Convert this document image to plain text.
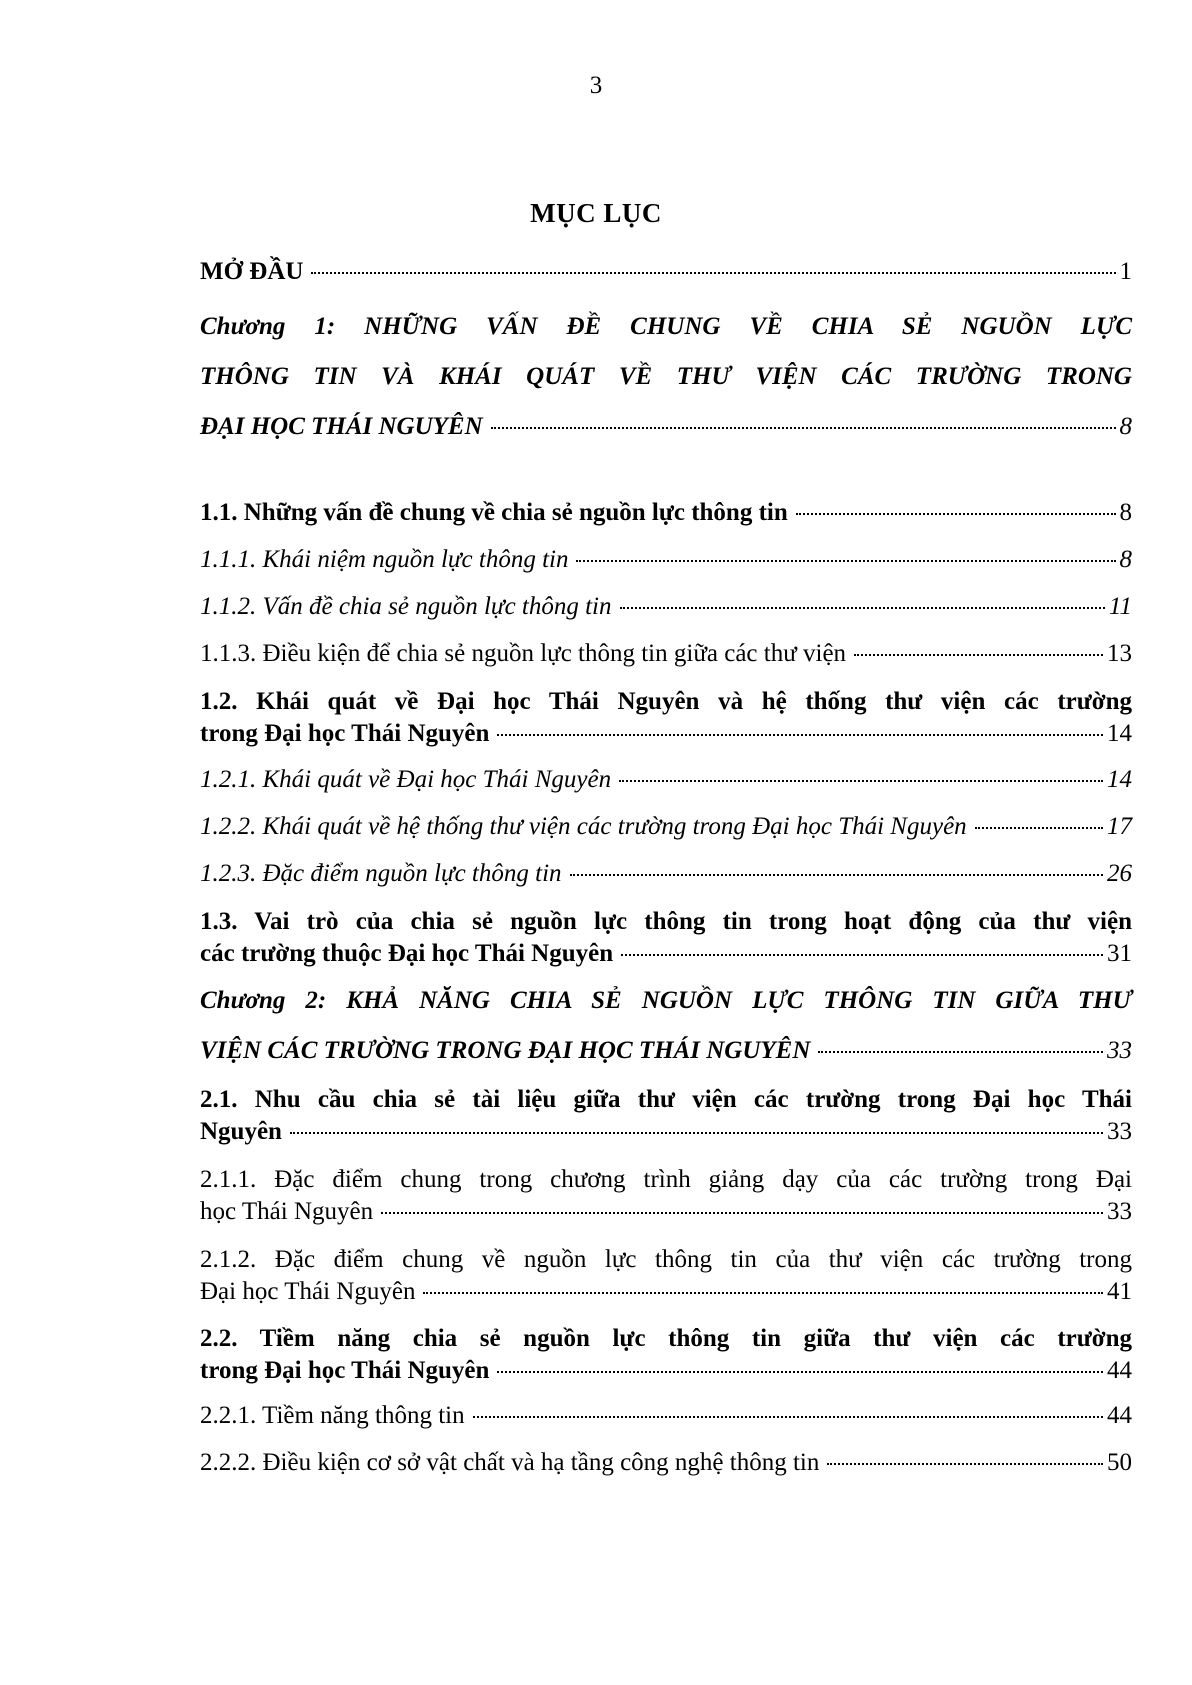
3
MỤC LỤC
MỞ ĐẦU	1
Chương 1: NHỮNG VẤN ĐỀ CHUNG VỀ CHIA SẺ NGUỒN LỰC
THÔNG TIN VÀ KHÁI QUÁT VỀ THƯ VIỆN CÁC TRƯỜNG TRONG
ĐẠI HỌC THÁI NGUYÊN	8
1.1. Những vấn đề chung về chia sẻ nguồn lực thông tin	8
1.1.1. Khái niệm nguồn lực thông tin	8
1.1.2. Vấn đề chia sẻ nguồn lực thông tin	11
1.1.3. Điều kiện để chia sẻ nguồn lực thông tin giữa các thư viện	13
1.2. Khái quát về Đại học Thái Nguyên và hệ thống thư viện các trường
trong Đại học Thái Nguyên	14
1.2.1. Khái quát về Đại học Thái Nguyên	14
1.2.2. Khái quát về hệ thống thư viện các trường trong Đại học Thái Nguyên	17
1.2.3. Đặc điểm nguồn lực thông tin	26
1.3. Vai trò của chia sẻ nguồn lực thông tin trong hoạt động của thư viện
các trường thuộc Đại học Thái Nguyên	31
Chương 2: KHẢ NĂNG CHIA SẺ NGUỒN LỰC THÔNG TIN GIỮA THƯ
VIỆN CÁC TRƯỜNG TRONG ĐẠI HỌC THÁI NGUYÊN	33
2.1. Nhu cầu chia sẻ tài liệu giữa thư viện các trường trong Đại học Thái
Nguyên	33
2.1.1. Đặc điểm chung trong chương trình giảng dạy của các trường trong Đại
học Thái Nguyên	33
2.1.2. Đặc điểm chung về nguồn lực thông tin của thư viện các trường trong
Đại học Thái Nguyên	41
2.2. Tiềm năng chia sẻ nguồn lực thông tin giữa thư viện các trường
trong Đại học Thái Nguyên	44
2.2.1. Tiềm năng thông tin	44
2.2.2. Điều kiện cơ sở vật chất và hạ tầng công nghệ thông tin	50
